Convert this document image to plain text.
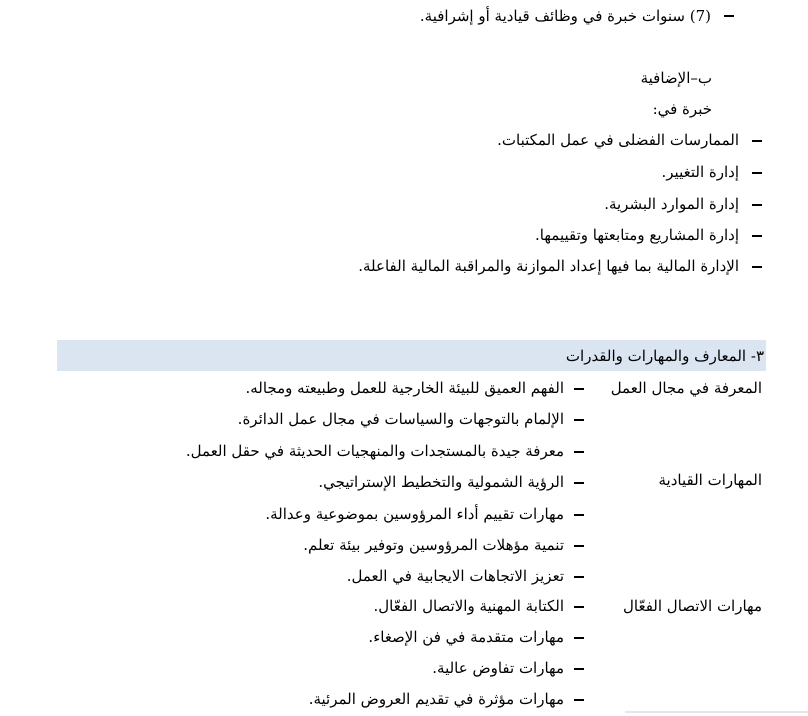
(7) سنوات خبرة في وظائف قيادية أو إشرافية.
ب–الإضافية
خبرة في:
الممارسات الفضلى في عمل المكتبات.
إدارة التغيير.
إدارة الموارد البشرية.
إدارة المشاريع ومتابعتها وتقييمها.
الإدارة المالية بما فيها إعداد الموازنة والمراقبة المالية الفاعلة.
٣- المعارف والمهارات والقدرات
المعرفة في مجال العمل
الفهم العميق للبيئة الخارجية للعمل وطبيعته ومجاله.
الإلمام بالتوجهات والسياسات في مجال عمل الدائرة.
معرفة جيدة بالمستجدات والمنهجيات الحديثة في حقل العمل.
المهارات القيادية
الرؤية الشمولية والتخطيط الإستراتيجي.
مهارات تقييم أداء المرؤوسين بموضوعية وعدالة.
تنمية مؤهلات المرؤوسين وتوفير بيئة تعلم.
تعزيز الاتجاهات الايجابية في العمل.
مهارات الاتصال الفعّال
الكتابة المهنية والاتصال الفعّال.
مهارات متقدمة في فن الإصغاء.
مهارات تفاوض عالية.
مهارات مؤثرة في تقديم العروض المرئية.
